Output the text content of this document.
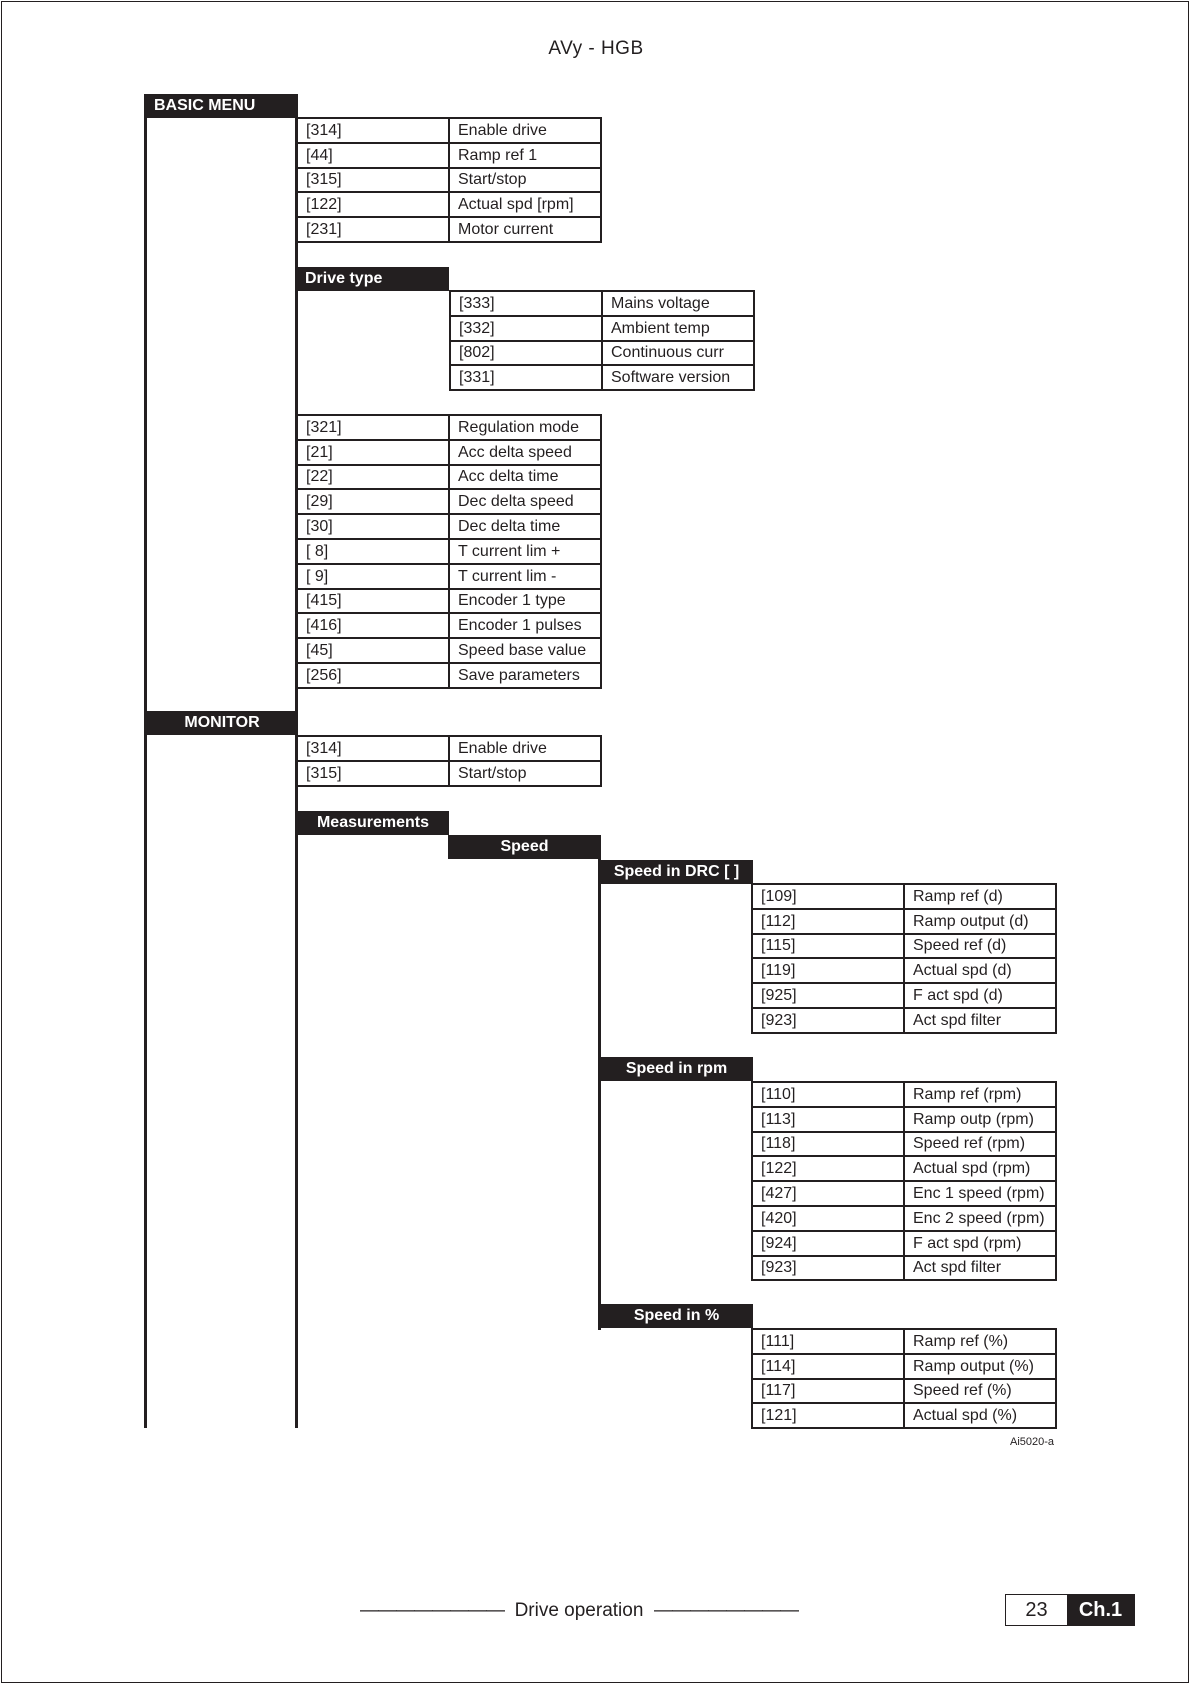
AVy - HGB
BASIC MENU
Drive type
MONITOR
Measurements
Speed
Speed in DRC [ ]
Speed in rpm
Speed in %
[314]	Enable drive
[44]	Ramp ref 1
[315]	Start/stop
[122]	Actual spd [rpm]
[231]	Motor current
[333]	Mains voltage
[332]	Ambient temp
[802]	Continuous curr
[331]	Software version
[321]	Regulation mode
[21]	Acc delta speed
[22]	Acc delta time
[29]	Dec delta speed
[30]	Dec delta time
[ 8]	T current lim +
[ 9]	T current lim -
[415]	Encoder 1 type
[416]	Encoder 1 pulses
[45]	Speed base value
[256]	Save parameters
[314]	Enable drive
[315]	Start/stop
[109]	Ramp ref (d)
[112]	Ramp output (d)
[115]	Speed ref (d)
[119]	Actual spd (d)
[925]	F act spd (d)
[923]	Act spd filter
[110]	Ramp ref (rpm)
[113]	Ramp outp (rpm)
[118]	Speed ref (rpm)
[122]	Actual spd (rpm)
[427]	Enc 1 speed (rpm)
[420]	Enc 2 speed (rpm)
[924]	F act spd (rpm)
[923]	Act spd filter
[111]	Ramp ref (%)
[114]	Ramp output (%)
[117]	Speed ref (%)
[121]	Actual spd (%)
Ai5020-a
———————— Drive operation ————————	23	Ch.1
